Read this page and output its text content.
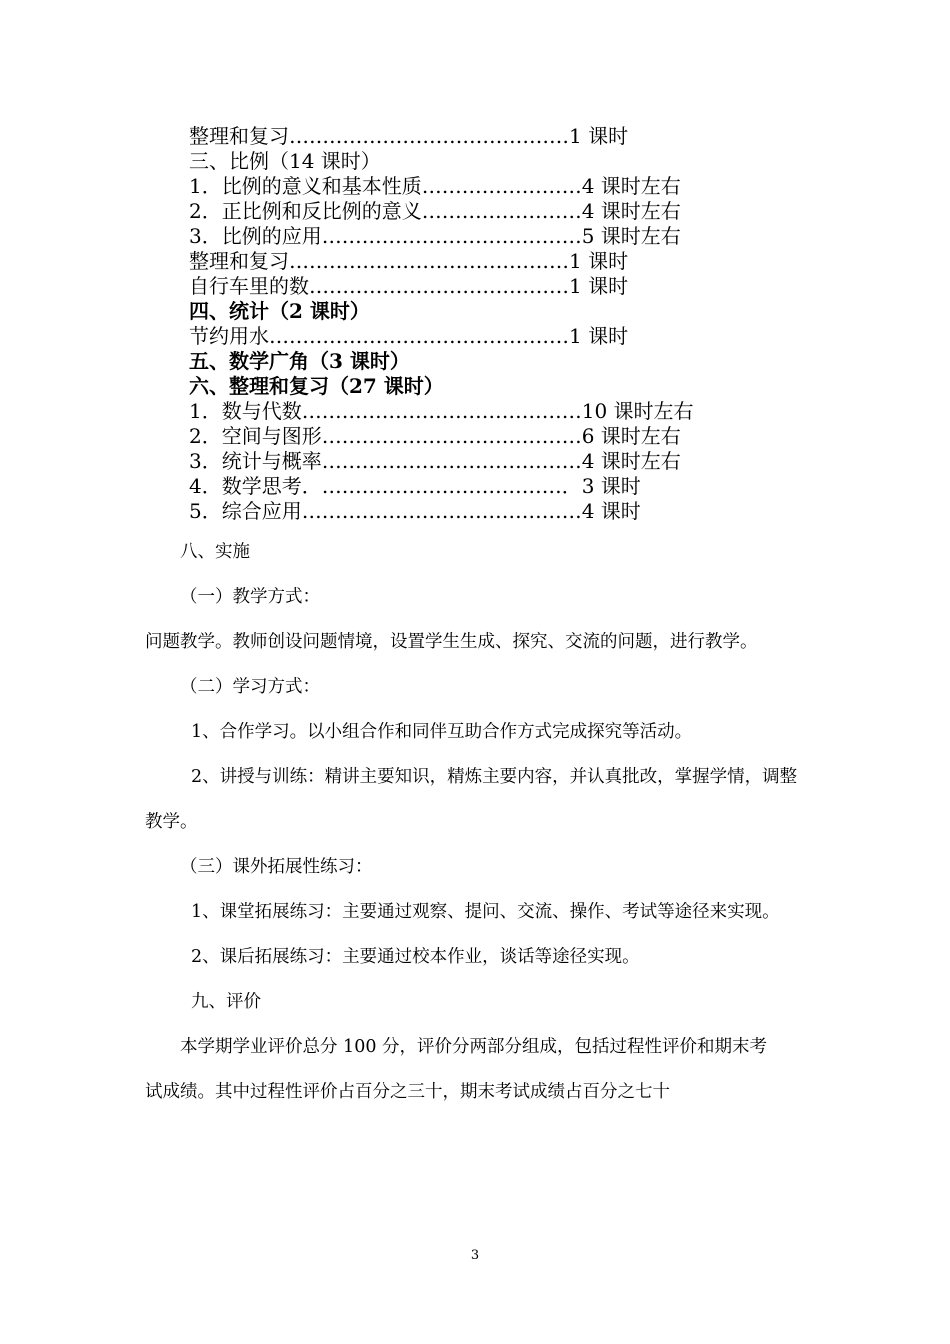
整理和复习……………………………………1 课时
三、比例（14 课时）
1．比例的意义和基本性质……………………4 课时左右
2．正比例和反比例的意义……………………4 课时左右
3．比例的应用…………………………………5 课时左右
整理和复习……………………………………1 课时
自行车里的数…………………………………1 课时
四、统计（2 课时）
节约用水………………………………………1 课时
五、数学广角（3 课时）
六、整理和复习（27 课时）
1．数与代数……………………………………10 课时左右
2．空间与图形…………………………………6 课时左右
3．统计与概率…………………………………4 课时左右
4．数学思考．………………………………．3 课时
5．综合应用……………………………………4 课时
八、实施
（一）教学方式：
问题教学。教师创设问题情境，设置学生生成、探究、交流的问题，进行教学。
（二）学习方式：
1、合作学习。以小组合作和同伴互助合作方式完成探究等活动。
2、讲授与训练：精讲主要知识，精炼主要内容，并认真批改，掌握学情，调整
教学。
（三）课外拓展性练习：
1、课堂拓展练习：主要通过观察、提问、交流、操作、考试等途径来实现。
2、课后拓展练习：主要通过校本作业，谈话等途径实现。
九、评价
本学期学业评价总分 100 分，评价分两部分组成，包括过程性评价和期末考
试成绩。其中过程性评价占百分之三十，期末考试成绩占百分之七十
3
